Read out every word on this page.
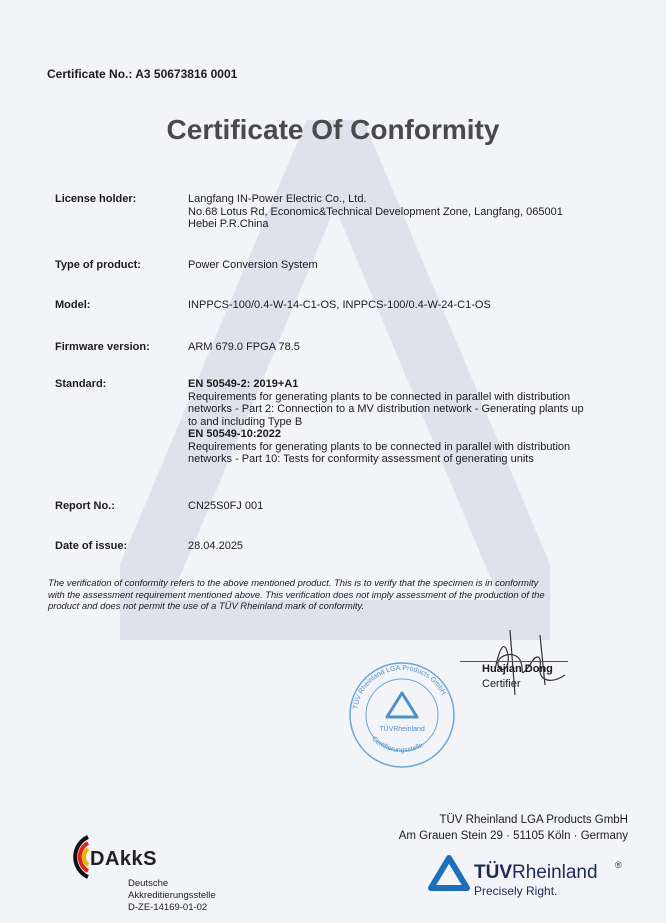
Certificate No.: A3 50673816 0001
Certificate Of Conformity
License holder:	Langfang IN-Power Electric Co., Ltd.
No.68 Lotus Rd, Economic&Technical Development Zone, Langfang, 065001
Hebei P.R.China
Type of product:	Power Conversion System
Model:	INPPCS-100/0.4-W-14-C1-OS, INPPCS-100/0.4-W-24-C1-OS
Firmware version:	ARM 679.0 FPGA 78.5
Standard:	EN 50549-2: 2019+A1
Requirements for generating plants to be connected in parallel with distribution
networks - Part 2: Connection to a MV distribution network - Generating plants up
to and including Type B
EN 50549-10:2022
Requirements for generating plants to be connected in parallel with distribution
networks - Part 10: Tests for conformity assessment of generating units
Report No.:	CN25S0FJ 001
Date of issue:	28.04.2025
The verification of conformity refers to the above mentioned product. This is to verify that the specimen is in conformity
with the assessment requirement mentioned above. This verification does not imply assessment of the production of the
product and does not permit the use of a TÜV Rheinland mark of conformity.
Huajian Dong
Certifier
TÜV Rheinland LGA Products GmbH
Certifierungsstelle
TÜVRheinland
TÜV Rheinland LGA Products GmbH
Am Grauen Stein 29 · 51105 Köln · Germany
TÜVRheinland ®
Precisely Right.
DAkkS
Deutsche
Akkreditierungsstelle
D-ZE-14169-01-02
